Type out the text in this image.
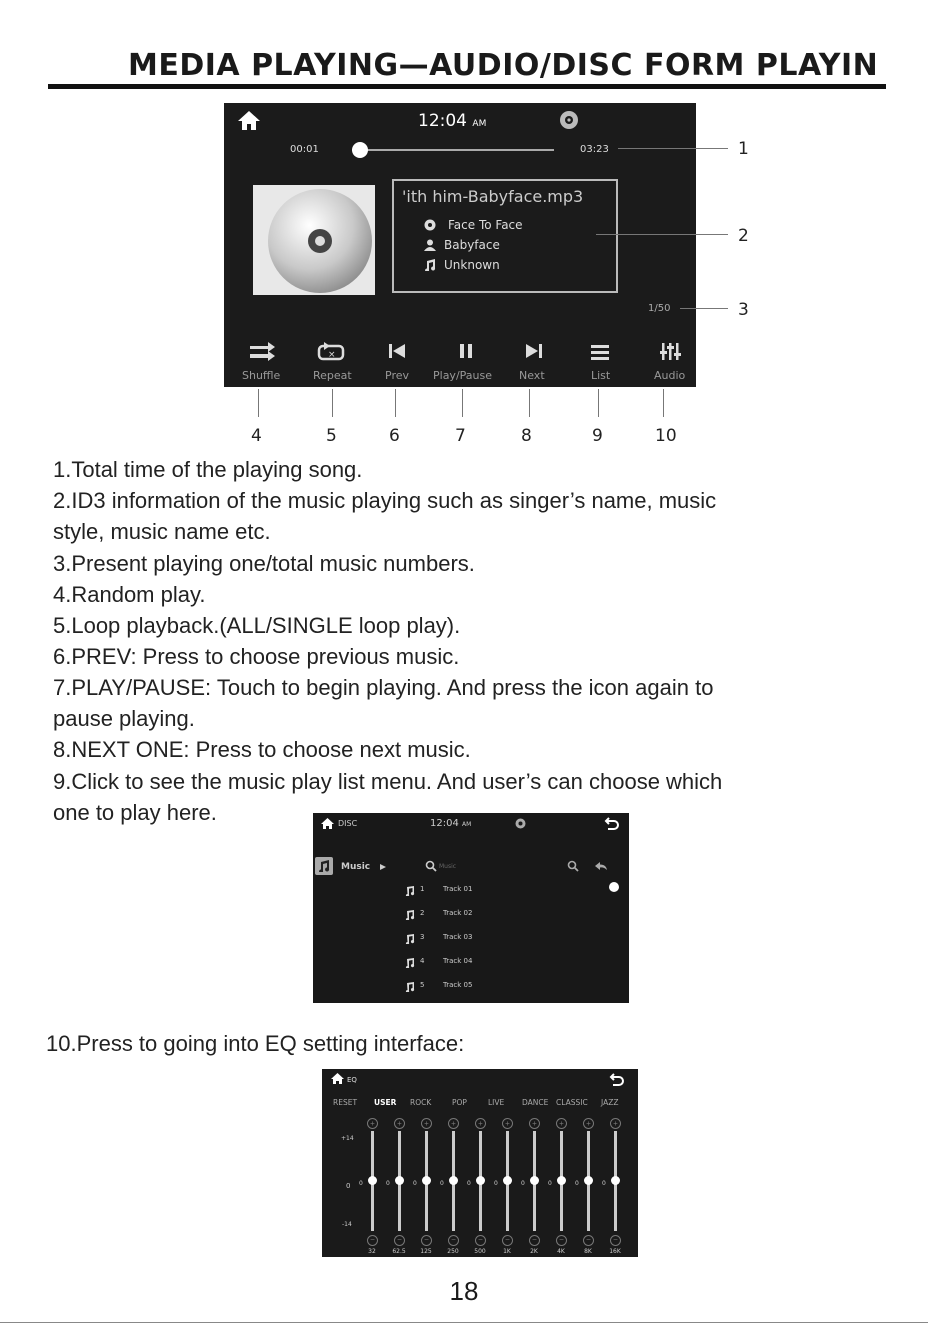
MEDIA PLAYING—AUDIO/DISC FORM PLAYIN
12:04 AM
00:01	03:23
'ith him-Babyface.mp3
Face To Face
Babyface
Unknown
1/50
×
Shuffle	Repeat	Prev Play/Pause Next	List	Audio
1
2
3
4	5	6	7	8	9	10
1.Total time of the playing song.
2.ID3 information of the music playing such as singer’s name, music
style, music name etc.
3.Present playing one/total music numbers.
4.Random play.
5.Loop playback.(ALL/SINGLE loop play).
6.PREV: Press to choose previous music.
7.PLAY/PAUSE: Touch to begin playing. And press the icon again to
pause playing.
8.NEXT ONE: Press to choose next music.
9.Click to see the music play list menu. And user’s can choose which
one to play here.	DISC	12:04 AM
Music	Music
1	Track 01
2	Track 02
3	Track 03
4	Track 04
5	Track 05
10.Press to going into EQ setting interface:
EQ
RESET USER ROCK	POP	LIVE DANCE CLASSIC JAZZ
+14
0
-14
+
0
−
32
+
0
−
62.5
+
0
−
125
+
0
−
250
+
0
−
500
+
0
−
1K
+
0
−
2K
+
0
−
4K
+
0
−
8K
+
0
−
16K
18
